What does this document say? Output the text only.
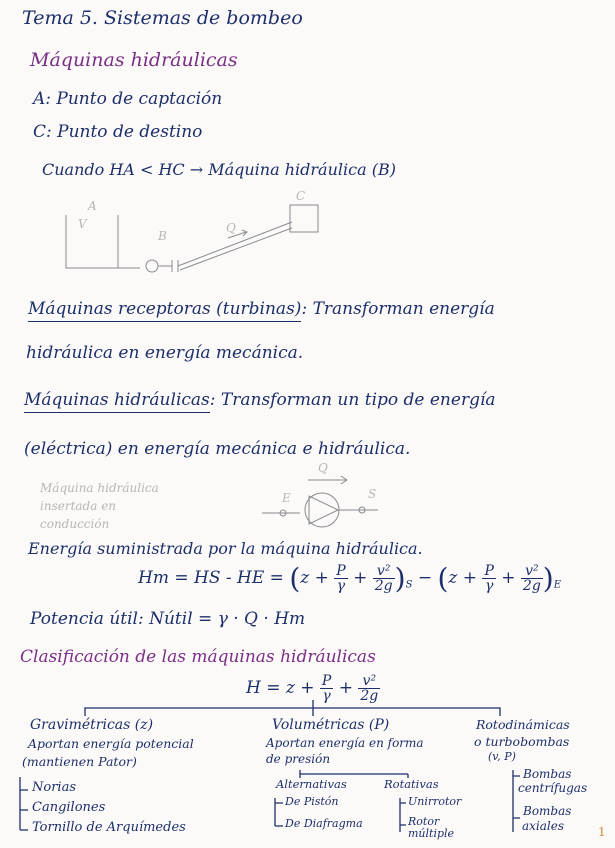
Tema 5. Sistemas de bombeo
Máquinas hidráulicas
A: Punto de captación
C: Punto de destino
Cuando HA < HC → Máquina hidráulica (B)
A
V
B
C
Q
Máquinas receptoras (turbinas): Transforman energía
hidráulica en energía mecánica.
Máquinas hidráulicas: Transforman un tipo de energía
(eléctrica) en energía mecánica e hidráulica.
Máquina hidráulica
insertada en
conducción
E	S
Q
Energía suministrada por la máquina hidráulica.
Hm = HS - HE = $(z + \frac{P}{\gamma} + \frac{\text{v²}}{2g} )_S - (z + \frac{P}{\gamma} + \frac{\text{v²}}{2g} )_E$
Potencia útil: Nútil = γ · Q · Hm
Clasificación de las máquinas hidráulicas
$H = z + \frac{P}{\gamma} + \frac{\text{v²}}{2g}$
Gravimétricas (z)
Aportan energía potencial
(mantienen Pator)
Norias
Cangilones
Tornillo de Arquímedes
Volumétricas (P)
Aportan energía en forma
de presión
Alternativas	Rotativas
De Pistón
De Diafragma
Unirrotor
Rotor múltiple
Rotodinámicas
o turbobombas
(v, P)
Bombas
centrífugas
Bombas
axiales	1
